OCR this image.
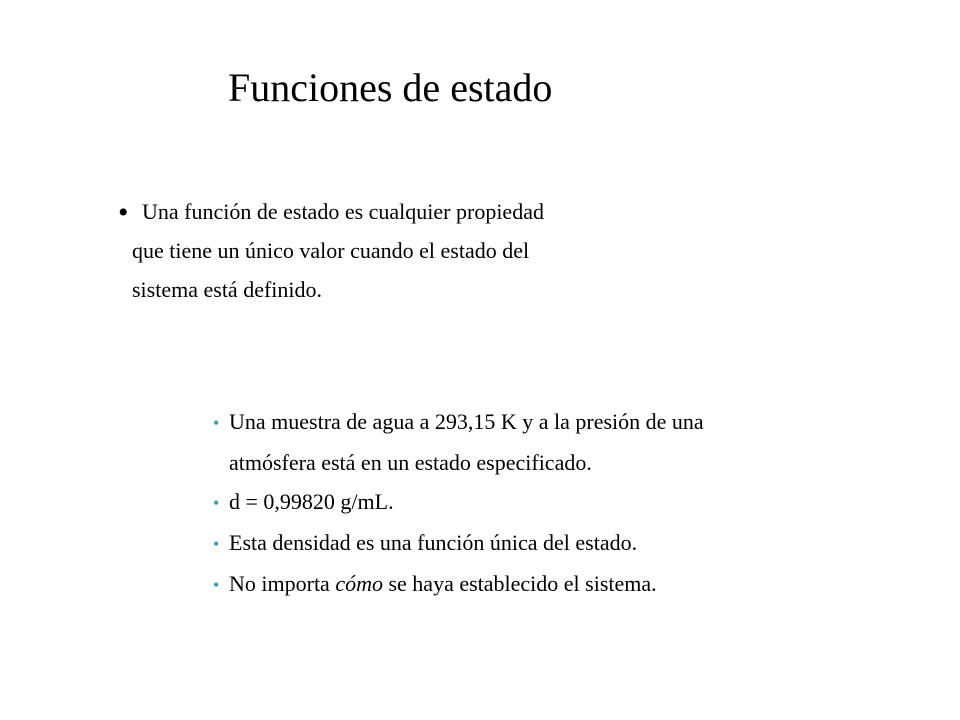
Funciones de estado
• Una función de estado es cualquier propiedad
que tiene un único valor cuando el estado del
sistema está definido.
• Una muestra de agua a 293,15 K y a la presión de una
atmósfera está en un estado especificado.
• d = 0,99820 g/mL.
• Esta densidad es una función única del estado.
• No importa cómo se haya establecido el sistema.
